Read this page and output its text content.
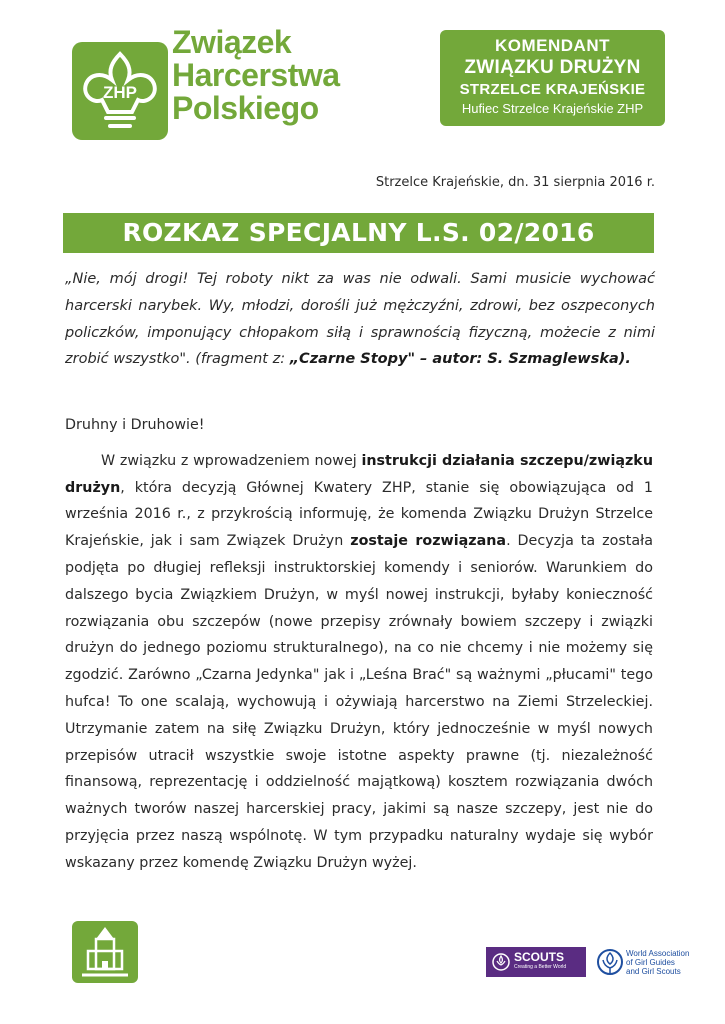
ZHP
Związek
Harcerstwa
Polskiego
KOMENDANT
ZWIĄZKU DRUŻYN
STRZELCE KRAJEŃSKIE
Hufiec Strzelce Krajeńskie ZHP
Strzelce Krajeńskie, dn. 31 sierpnia 2016 r.
ROZKAZ SPECJALNY L.S. 02/2016
„Nie, mój drogi! Tej roboty nikt za was nie odwali. Sami musicie wychować harcerski narybek. Wy, młodzi, dorośli już mężczyźni, zdrowi, bez oszpeconych policzków, imponujący chłopakom siłą i sprawnością fizyczną, możecie z nimi zrobić wszystko". (fragment z: „Czarne Stopy" – autor: S. Szmaglewska).

Druhny i Druhowie!

W związku z wprowadzeniem nowej instrukcji działania szczepu/związku drużyn, która decyzją Głównej Kwatery ZHP, stanie się obowiązująca od 1 września 2016 r., z przykrością informuję, że komenda Związku Drużyn Strzelce Krajeńskie, jak i sam Związek Drużyn zostaje rozwiązana. Decyzja ta została podjęta po długiej refleksji instruktorskiej komendy i seniorów. Warunkiem do dalszego bycia Związkiem Drużyn, w myśl nowej instrukcji, byłaby konieczność rozwiązania obu szczepów (nowe przepisy zrównały bowiem szczepy i związki drużyn do jednego poziomu strukturalnego), na co nie chcemy i nie możemy się zgodzić. Zarówno „Czarna Jedynka" jak i „Leśna Brać" są ważnymi „płucami" tego hufca! To one scalają, wychowują i ożywiają harcerstwo na Ziemi Strzeleckiej. Utrzymanie zatem na siłę Związku Drużyn, który jednocześnie w myśl nowych przepisów utracił wszystkie swoje istotne aspekty prawne (tj. niezależność finansową, reprezentację i oddzielność majątkową) kosztem rozwiązania dwóch ważnych tworów naszej harcerskiej pracy, jakimi są nasze szczepy, jest nie do przyjęcia przez naszą wspólnotę. W tym przypadku naturalny wydaje się wybór wskazany przez komendę Związku Drużyn wyżej.

SCOUTS
Creating a Better World
World Association
of Girl Guides
and Girl Scouts
